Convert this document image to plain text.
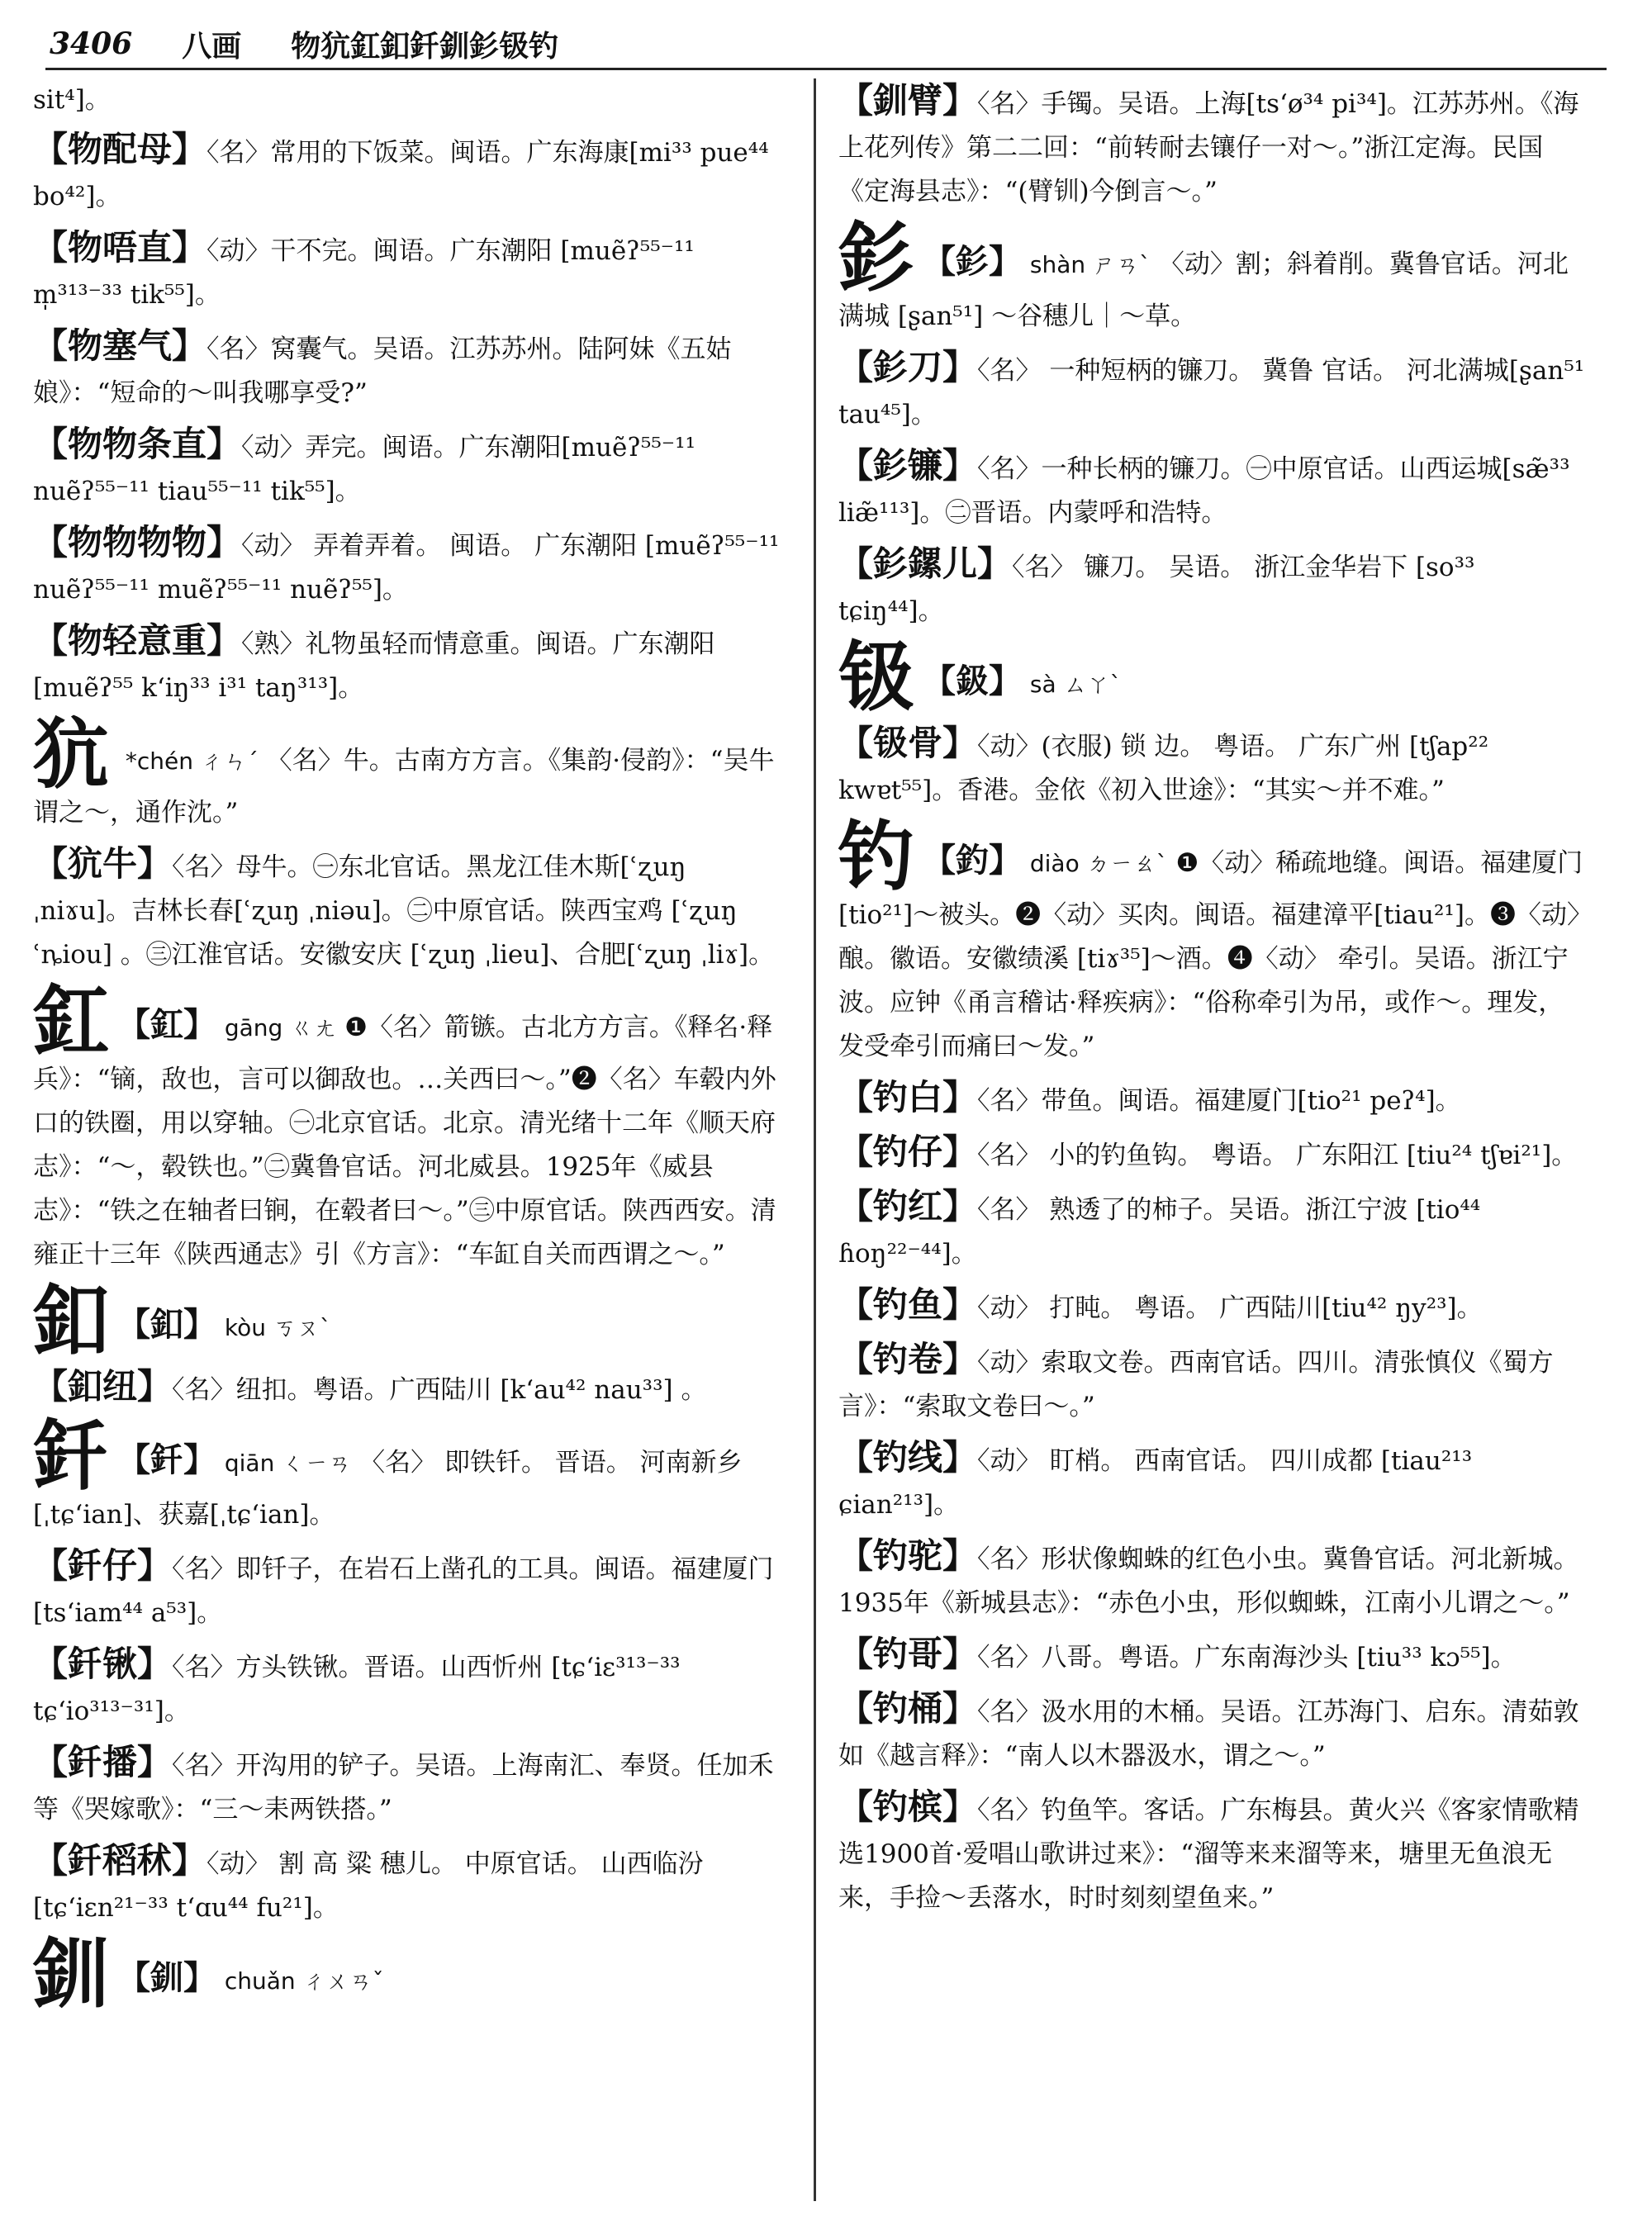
3406 八画 物犺釭釦釺釧釤钑钓
sit⁴]。
【物配母】〈名〉常用的下饭菜。闽语。广东海康[mi³³ pue⁴⁴ bo⁴²]。
【物唔直】〈动〉干不完。闽语。广东潮阳 [muẽʔ⁵⁵⁻¹¹ m̩³¹³⁻³³ tik⁵⁵]。
【物塞气】〈名〉窝囊气。吴语。江苏苏州。陆阿妹《五姑娘》：“短命的～叫我哪享受?”
【物物条直】〈动〉弄完。闽语。广东潮阳[muẽʔ⁵⁵⁻¹¹ nuẽʔ⁵⁵⁻¹¹ tiau⁵⁵⁻¹¹ tik⁵⁵]。
【物物物物】〈动〉 弄着弄着。 闽语。 广东潮阳 [muẽʔ⁵⁵⁻¹¹ nuẽʔ⁵⁵⁻¹¹ muẽʔ⁵⁵⁻¹¹ nuẽʔ⁵⁵]。
【物轻意重】〈熟〉礼物虽轻而情意重。闽语。广东潮阳[muẽʔ⁵⁵ k‘iŋ³³ i³¹ taŋ³¹³]。
犺 *chén ㄔㄣˊ 〈名〉牛。古南方方言。《集韵·侵韵》：“吴牛谓之～，通作沈。”
【犺牛】〈名〉母牛。㊀东北官话。黑龙江佳木斯[ʿʐuŋ ˌniɤu]。吉林长春[ʿʐuŋ ˌniəu]。㊁中原官话。陕西宝鸡 [ʿʐuŋ ʿȵiou] 。㊂江淮官话。安徽安庆 [ʿʐuŋ ˌlieu]、合肥[ʿʐuŋ ˌliɤ]。
釭 【釭】 gāng ㄍㄤ ❶〈名〉箭镞。古北方方言。《释名·释兵》：“镝，敌也，言可以御敌也。…关西曰～。”❷〈名〉车毂内外口的铁圈，用以穿轴。㊀北京官话。北京。清光绪十二年《顺天府志》：“～，毂铁也。”㊁冀鲁官话。河北威县。1925年《威县志》：“铁之在轴者曰锏，在毂者曰～。”㊂中原官话。陕西西安。清雍正十三年《陕西通志》引《方言》：“车缸自关而西谓之～。”
釦 【釦】 kòu ㄎㄡˋ
【釦纽】〈名〉纽扣。粤语。广西陆川 [k‘au⁴² nau³³] 。
釺 【釺】 qiān ㄑㄧㄢ 〈名〉 即铁钎。 晋语。 河南新乡[ˌtɕ‘ian]、获嘉[ˌtɕ‘ian]。
【釺仔】〈名〉即钎子，在岩石上凿孔的工具。闽语。福建厦门[ts‘iam⁴⁴ a⁵³]。
【釺锹】〈名〉方头铁锹。晋语。山西忻州 [tɕ‘iɛ³¹³⁻³³ tɕ‘io³¹³⁻³¹]。
【釺播】〈名〉开沟用的铲子。吴语。上海南汇、奉贤。任加禾等《哭嫁歌》：“三～耒两铁搭。”
【釺稻秫】〈动〉 割 高 粱 穗儿。 中原官话。 山西临汾[tɕ‘iɛn²¹⁻³³ t‘ɑu⁴⁴ fu²¹]。
釧 【釧】 chuǎn ㄔㄨㄢˇ
【釧臂】〈名〉手镯。吴语。上海[ts‘ø³⁴ pi³⁴]。江苏苏州。《海上花列传》第二二回：“前转耐去镶仔一对～。”浙江定海。民国《定海县志》：“(臂钏)今倒言～。”
釤 【釤】 shàn ㄕㄢˋ 〈动〉割；斜着削。冀鲁官话。河北满城 [ʂan⁵¹] ～谷穗儿｜～草。
【釤刀】〈名〉 一种短柄的镰刀。 冀鲁 官话。 河北满城[ʂan⁵¹ tau⁴⁵]。
【釤镰】〈名〉一种长柄的镰刀。㊀中原官话。山西运城[sæ̃³³ liæ̃¹¹³]。㊁晋语。内蒙呼和浩特。
【釤鏍儿】〈名〉 镰刀。 吴语。 浙江金华岩下 [so³³ tɕiŋ⁴⁴]。
钑 【鈒】 sà ㄙㄚˋ
【钑骨】〈动〉(衣服) 锁 边。 粤语。 广东广州 [tʃap²² kwɐt⁵⁵]。香港。金依《初入世途》：“其实～并不难。”
钓 【釣】 diào ㄉㄧㄠˋ ❶〈动〉稀疏地缝。闽语。福建厦门[tio²¹]～被头。❷〈动〉买肉。闽语。福建漳平[tiau²¹]。❸〈动〉酿。徽语。安徽绩溪 [tiɤ³⁵]～酒。❹〈动〉 牵引。吴语。浙江宁波。应钟《甬言稽诂·释疾病》：“俗称牵引为吊，或作～。理发，发受牵引而痛曰～发。”
【钓白】〈名〉带鱼。闽语。福建厦门[tio²¹ peʔ⁴]。
【钓仔】〈名〉 小的钓鱼钩。 粤语。 广东阳江 [tiu²⁴ tʃɐi²¹]。
【钓红】〈名〉 熟透了的柿子。吴语。浙江宁波 [tio⁴⁴ ɦoŋ²²⁻⁴⁴]。
【钓鱼】〈动〉 打盹。 粤语。 广西陆川[tiu⁴² ŋy²³]。
【钓卷】〈动〉索取文卷。西南官话。四川。清张慎仪《蜀方言》：“索取文卷曰～。”
【钓线】〈动〉 盯梢。 西南官话。 四川成都 [tiau²¹³ ɕian²¹³]。
【钓驼】〈名〉形状像蜘蛛的红色小虫。冀鲁官话。河北新城。1935年《新城县志》：“赤色小虫，形似蜘蛛，江南小儿谓之～。”
【钓哥】〈名〉八哥。粤语。广东南海沙头 [tiu³³ kɔ⁵⁵]。
【钓桶】〈名〉汲水用的木桶。吴语。江苏海门、启东。清茹敦如《越言释》：“南人以木器汲水，谓之～。”
【钓槟】〈名〉钓鱼竿。客话。广东梅县。黄火兴《客家情歌精选1900首·爱唱山歌讲过来》：“溜等来来溜等来，塘里无鱼浪无来，手捡～丢落水，时时刻刻望鱼来。”
